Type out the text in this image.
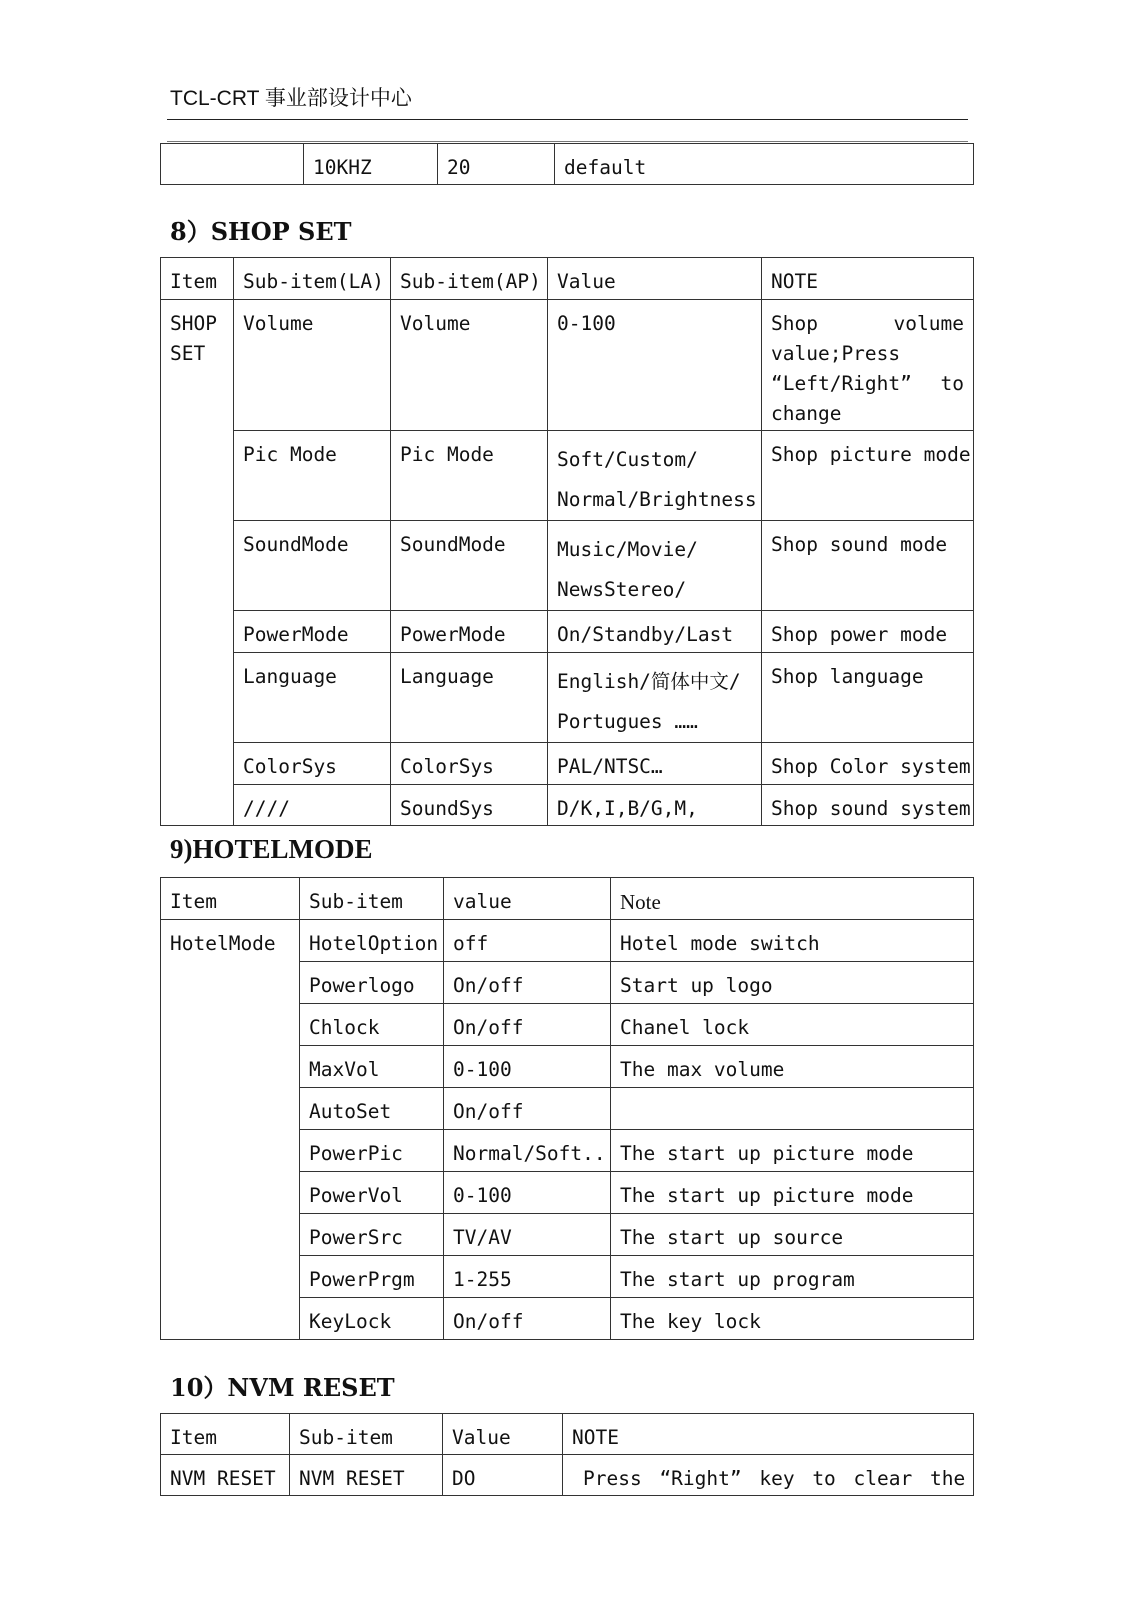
TCL-CRT 事业部设计中心
	10KHZ	20	default
8）SHOP SET
Item	Sub-item(LA)	Sub-item(AP)	Value	NOTE
SHOP SET	Volume	Volume	0-100	Shop volume value;Press “Left/Right” to change
	Pic Mode	Pic Mode	Soft/Custom/ Normal/Brightness	Shop picture mode
	SoundMode	SoundMode	Music/Movie/ NewsStereo/	Shop sound mode
	PowerMode	PowerMode	On/Standby/Last	Shop power mode
	Language	Language	English/简体中文/ Portugues ……	Shop language
	ColorSys	ColorSys	PAL/NTSC…	Shop Color system
	////	SoundSys	D/K,I,B/G,M,	Shop sound system
9)HOTELMODE
Item	Sub-item	value	Note
HotelMode	HotelOption	off	Hotel mode switch
	Powerlogo	On/off	Start up logo
	Chlock	On/off	Chanel lock
	MaxVol	0-100	The max volume
	AutoSet	On/off	
	PowerPic	Normal/Soft..	The start up picture mode
	PowerVol	0-100	The start up picture mode
	PowerSrc	TV/AV	The start up source
	PowerPrgm	1-255	The start up program
	KeyLock	On/off	The key lock
10）NVM RESET
Item	Sub-item	Value	NOTE
NVM RESET	NVM RESET	DO	Press “Right” key to clear the
